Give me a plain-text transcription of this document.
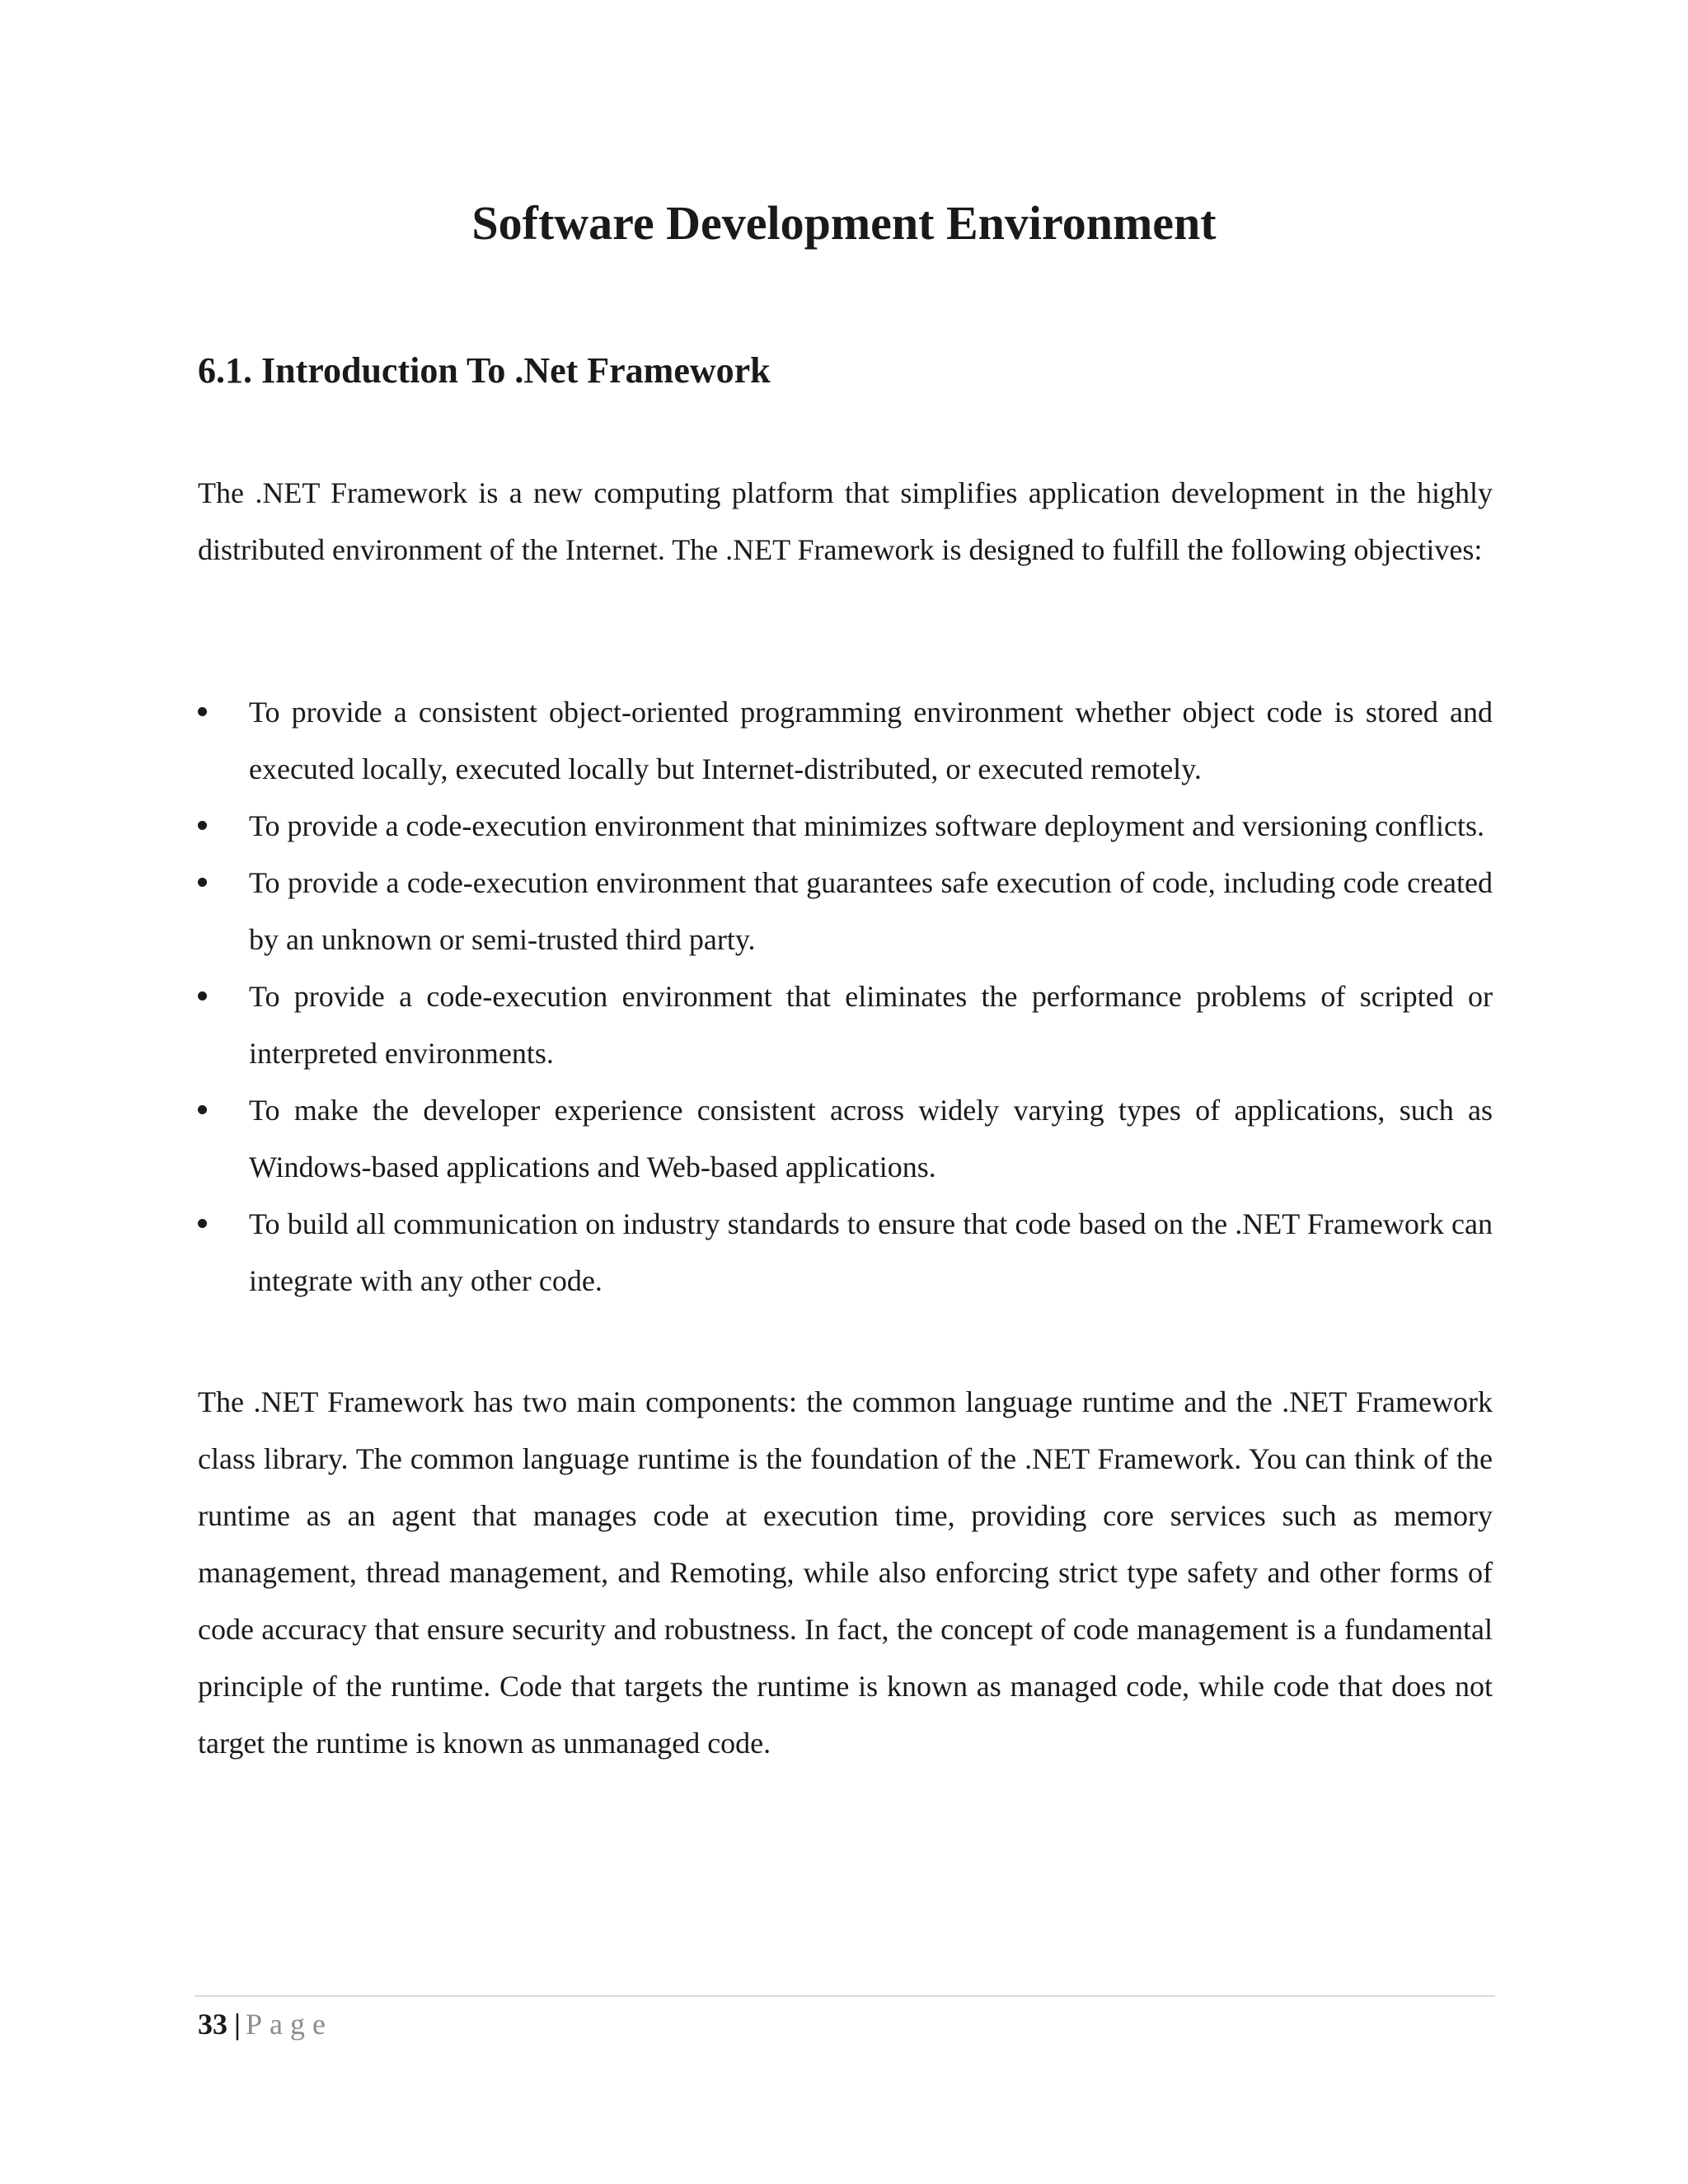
Software Development Environment
6.1. Introduction To .Net Framework

The .NET Framework is a new computing platform that simplifies application development in the highly distributed environment of the Internet. The .NET Framework is designed to fulfill the following objectives:

To provide a consistent object-oriented programming environment whether object code is stored and executed locally, executed locally but Internet-distributed, or executed remotely.
To provide a code-execution environment that minimizes software deployment and versioning conflicts.
To provide a code-execution environment that guarantees safe execution of code, including code created by an unknown or semi-trusted third party.
To provide a code-execution environment that eliminates the performance problems of scripted or interpreted environments.
To make the developer experience consistent across widely varying types of applications, such as Windows-based applications and Web-based applications.
To build all communication on industry standards to ensure that code based on the .NET Framework can integrate with any other code.

The .NET Framework has two main components: the common language runtime and the .NET Framework class library. The common language runtime is the foundation of the .NET Framework. You can think of the runtime as an agent that manages code at execution time, providing core services such as memory management, thread management, and Remoting, while also enforcing strict type safety and other forms of code accuracy that ensure security and robustness. In fact, the concept of code management is a fundamental principle of the runtime. Code that targets the runtime is known as managed code, while code that does not target the runtime is known as unmanaged code.

33 | Page
